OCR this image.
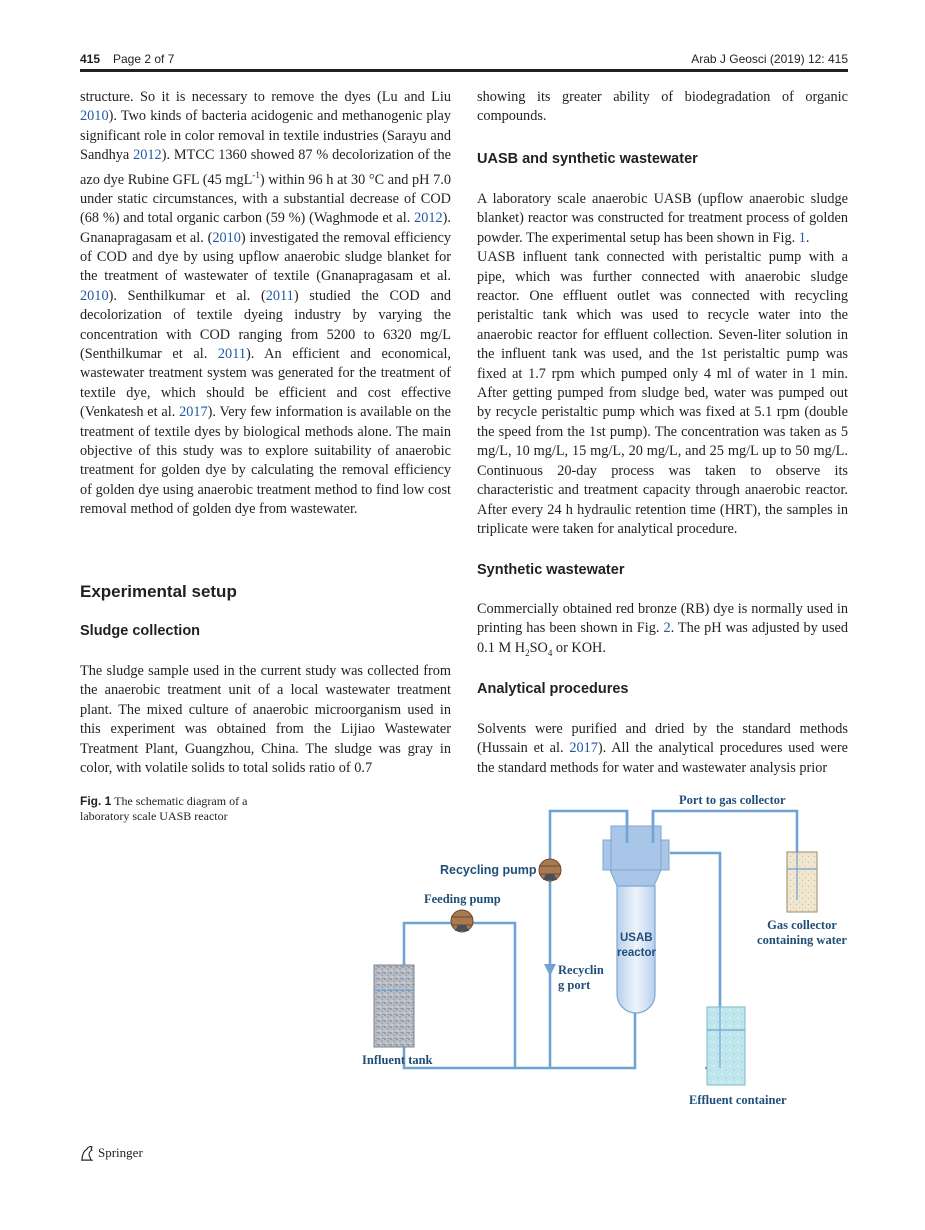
415 Page 2 of 7	Arab J Geosci (2019) 12: 415

structure. So it is necessary to remove the dyes (Lu and Liu 2010). Two kinds of bacteria acidogenic and methanogenic play significant role in color removal in textile industries (Sarayu and Sandhya 2012). MTCC 1360 showed 87 % decolorization of the azo dye Rubine GFL (45 mgL$^{-1}$) within 96 h at 30 °C and pH 7.0 under static circumstances, with a substantial decrease of COD (68 %) and total organic carbon (59 %) (Waghmode et al. 2012). Gnanapragasam et al. (2010) investigated the removal efficiency of COD and dye by using upflow anaerobic sludge blanket for the treatment of wastewater of textile (Gnanapragasam et al. 2010). Senthilkumar et al. (2011) studied the COD and decolorization of textile dyeing industry by varying the concentration with COD ranging from 5200 to 6320 mg/L (Senthilkumar et al. 2011). An efficient and economical, wastewater treatment system was generated for the treatment of textile dye, which should be efficient and cost effective (Venkatesh et al. 2017). Very few information is available on the treatment of textile dyes by biological methods alone. The main objective of this study was to explore suitability of anaerobic treatment for golden dye by calculating the removal efficiency of golden dye using anaerobic treatment method to find low cost removal method of golden dye from wastewater.

Experimental setup
Sludge collection

The sludge sample used in the current study was collected from the anaerobic treatment unit of a local wastewater treatment plant. The mixed culture of anaerobic microorganism used in this experiment was obtained from the Lijiao Wastewater Treatment Plant, Guangzhou, China. The sludge was gray in color, with volatile solids to total solids ratio of 0.7

showing its greater ability of biodegradation of organic compounds.

UASB and synthetic wastewater

A laboratory scale anaerobic UASB (upflow anaerobic sludge blanket) reactor was constructed for treatment process of golden powder. The experimental setup has been shown in Fig. 1.

UASB influent tank connected with peristaltic pump with a pipe, which was further connected with anaerobic sludge reactor. One effluent outlet was connected with recycling peristaltic tank which was used to recycle water into the anaerobic reactor for effluent collection. Seven-liter solution in the influent tank was used, and the 1st peristaltic pump was fixed at 1.7 rpm which pumped only 4 ml of water in 1 min. After getting pumped from sludge bed, water was pumped out by recycle peristaltic pump which was fixed at 5.1 rpm (double the speed from the 1st pump). The concentration was taken as 5 mg/L, 10 mg/L, 15 mg/L, 20 mg/L, and 25 mg/L up to 50 mg/L. Continuous 20-day process was taken to observe its characteristic and treatment capacity through anaerobic reactor. After every 24 h hydraulic retention time (HRT), the samples in triplicate were taken for analytical procedure.

Synthetic wastewater

Commercially obtained red bronze (RB) dye is normally used in printing has been shown in Fig. 2. The pH was adjusted by used 0.1 M $H_2SO_4$ or KOH.

Analytical procedures

Solvents were purified and dried by the standard methods (Hussain et al. 2017). All the analytical procedures used were the standard methods for water and wastewater analysis prior

Fig. 1 The schematic diagram of a laboratory scale UASB reactor
Port to gas collector
Recycling pump
Feeding pump
USAB
reactor
Recyclin
g port
Gas collector
containing water
Influent tank
Effluent container
Springer
